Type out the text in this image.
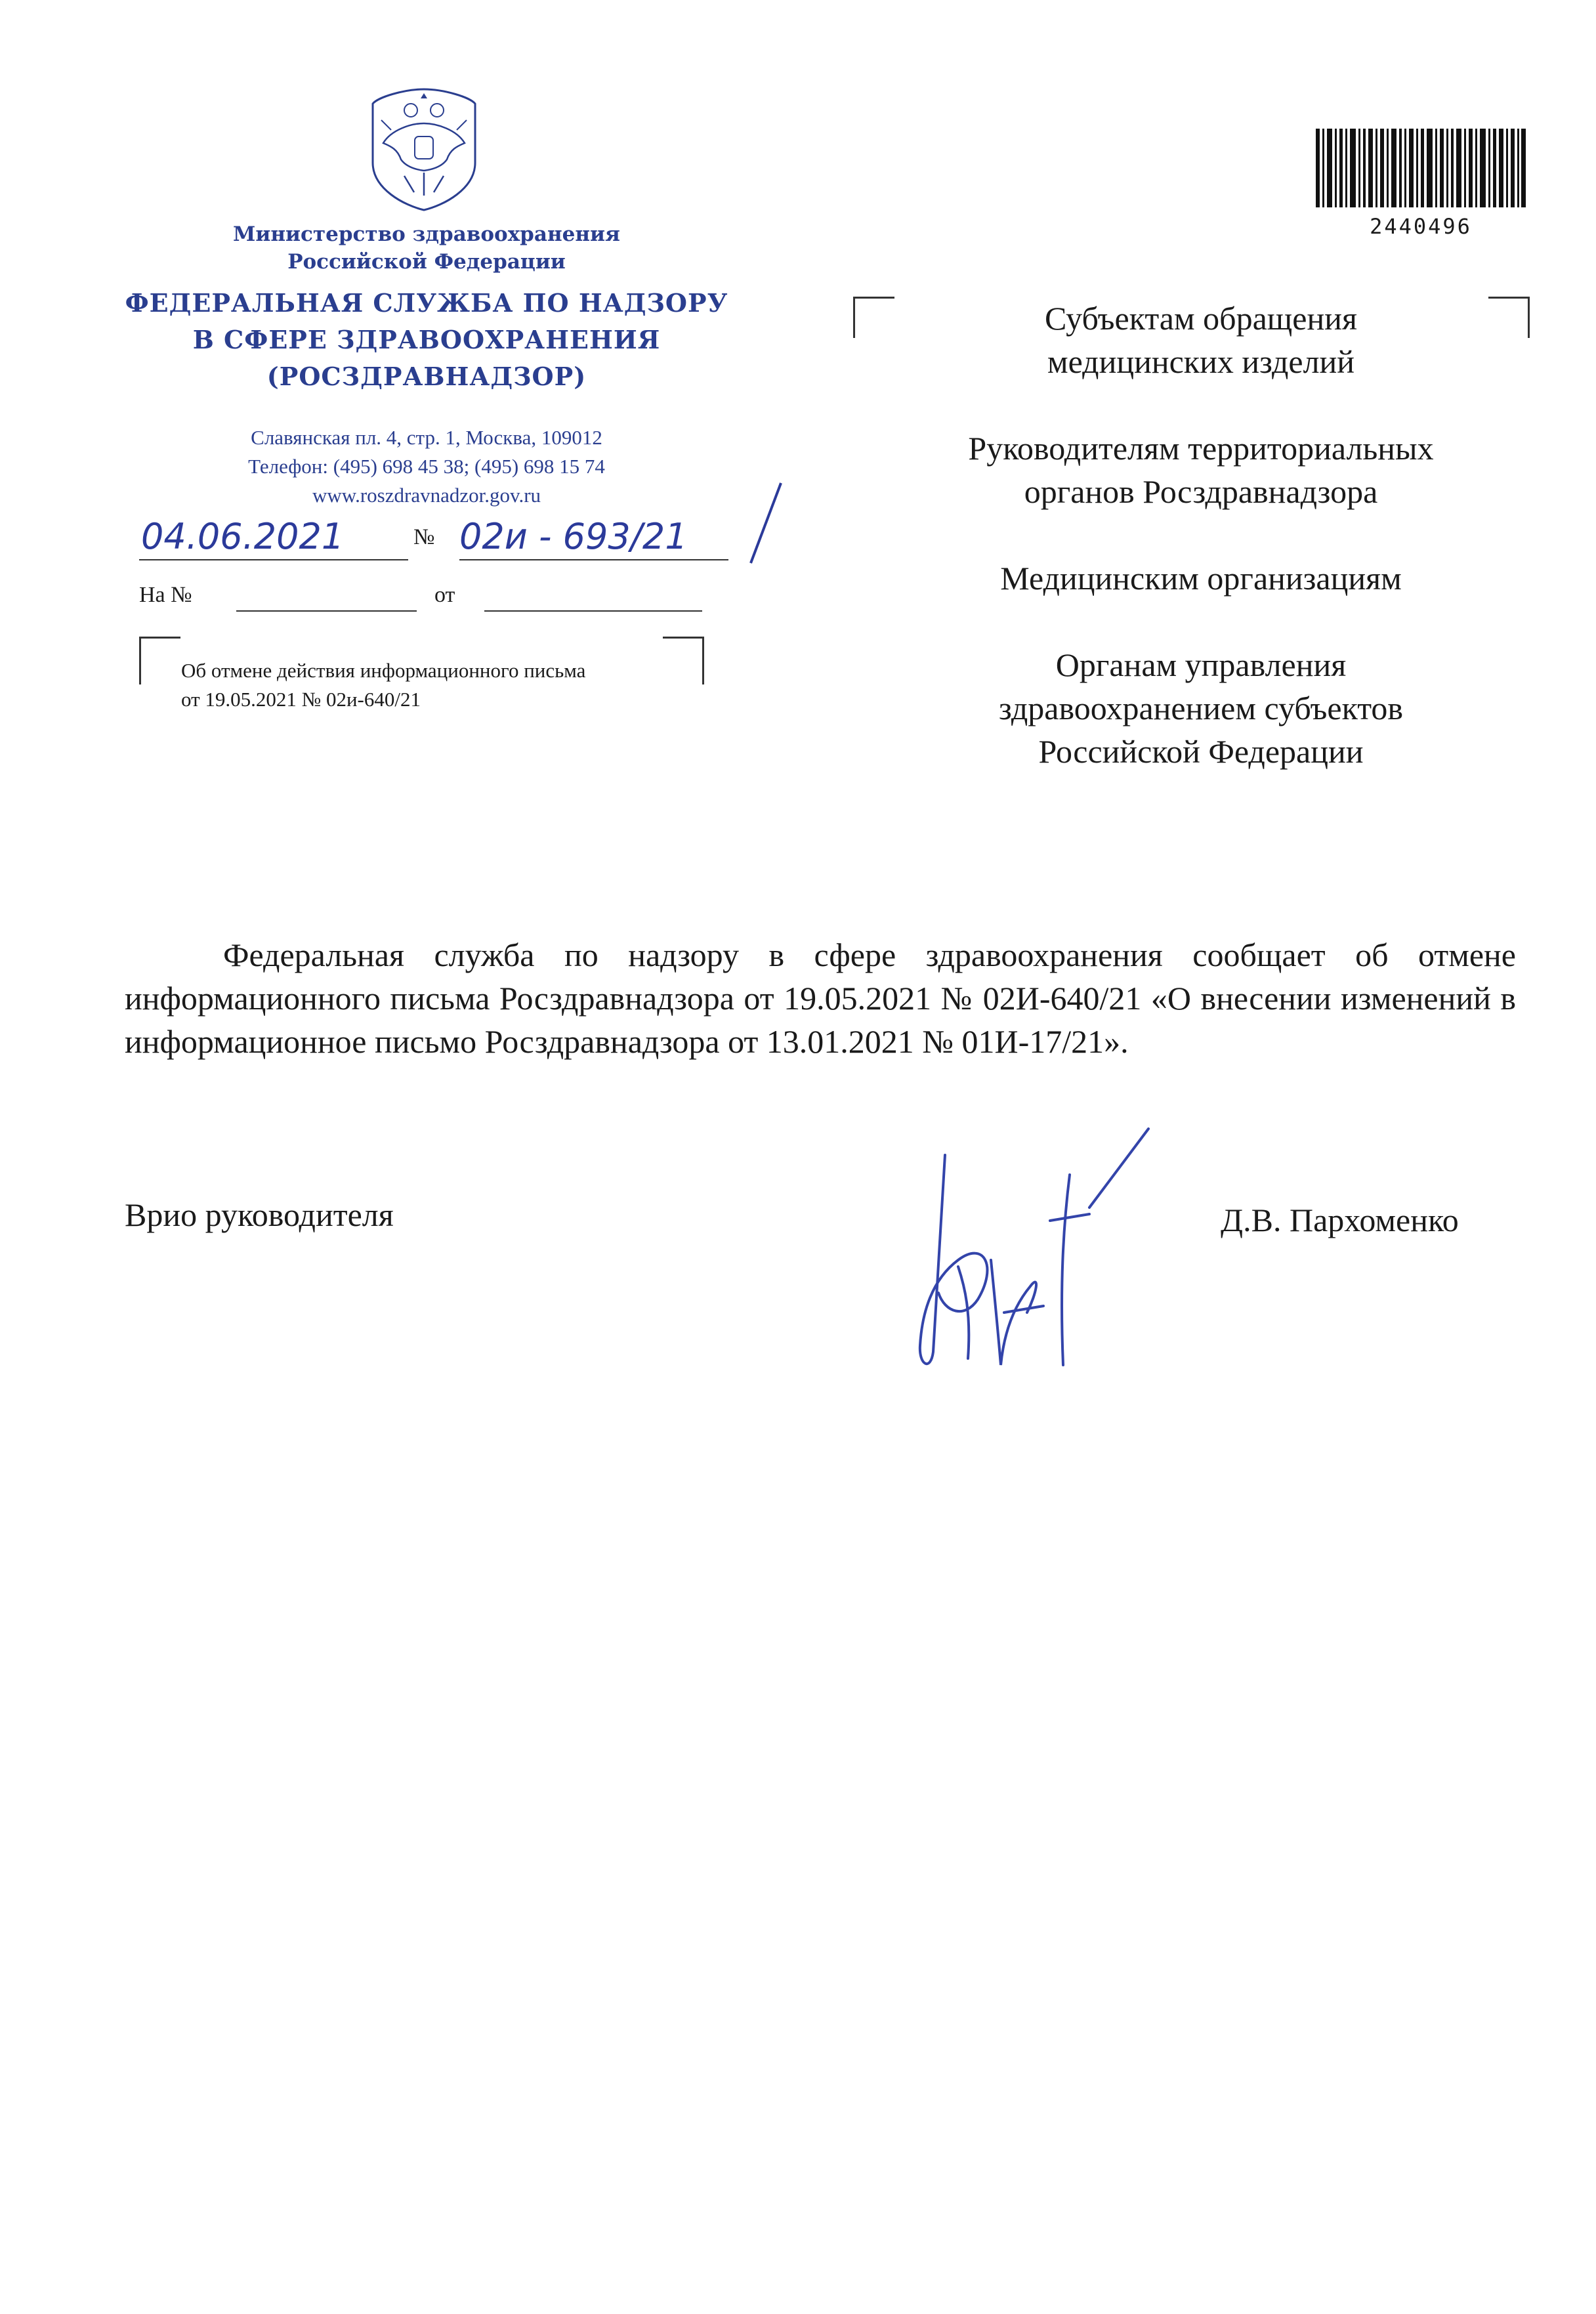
Министерство здравоохранения
Российской Федерации
ФЕДЕРАЛЬНАЯ СЛУЖБА ПО НАДЗОРУ
В СФЕРЕ ЗДРАВООХРАНЕНИЯ
(РОСЗДРАВНАДЗОР)
Славянская пл. 4, стр. 1, Москва, 109012
Телефон: (495) 698 45 38; (495) 698 15 74
www.roszdravnadzor.gov.ru
04.06.2021	№ 02и - 693/21
На №	от
Об отмене действия информационного письма
от 19.05.2021 № 02и-640/21
2440496
Субъектам обращения
медицинских изделий
Руководителям территориальных
органов Росздравнадзора
Медицинским организациям
Органам управления
здравоохранением субъектов
Российской Федерации
Федеральная служба по надзору в сфере здравоохранения сообщает об отмене информационного письма Росздравнадзора от 19.05.2021 № 02И-640/21 «О внесении изменений в информационное письмо Росздравнадзора от 13.01.2021 № 01И-17/21».
Врио руководителя	Д.В. Пархоменко
